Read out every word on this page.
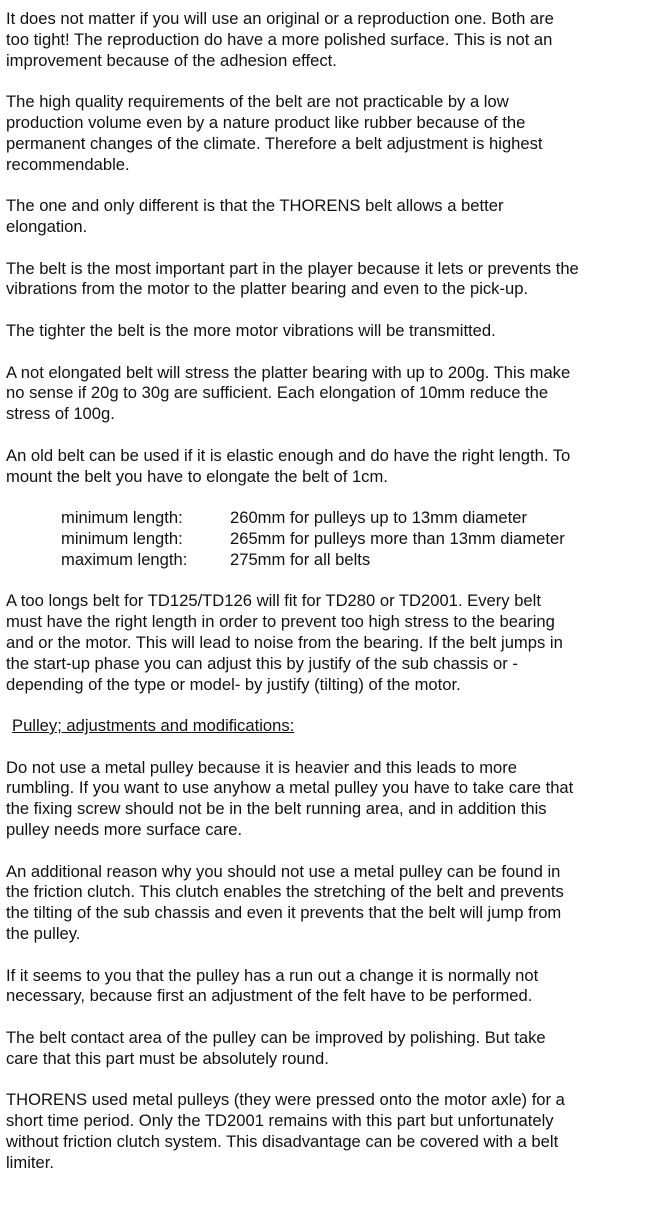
It does not matter if you will use an original or a reproduction one. Both are
too tight! The reproduction do have a more polished surface. This is not an
improvement because of the adhesion effect.

The high quality requirements of the belt are not practicable by a low
production volume even by a nature product like rubber because of the
permanent changes of the climate. Therefore a belt adjustment is highest
recommendable.

The one and only different is that the THORENS belt allows a better
elongation.

The belt is the most important part in the player because it lets or prevents the
vibrations from the motor to the platter bearing and even to the pick-up.

The tighter the belt is the more motor vibrations will be transmitted.

A not elongated belt will stress the platter bearing with up to 200g. This make
no sense if 20g to 30g are sufficient. Each elongation of 10mm reduce the
stress of 100g.

An old belt can be used if it is elastic enough and do have the right length. To
mount the belt you have to elongate the belt of 1cm.

minimum length:	260mm for pulleys up to 13mm diameter
minimum length:	265mm for pulleys more than 13mm diameter
maximum length:	275mm for all belts

A too longs belt for TD125/TD126 will fit for TD280 or TD2001. Every belt
must have the right length in order to prevent too high stress to the bearing
and or the motor. This will lead to noise from the bearing. If the belt jumps in
the start-up phase you can adjust this by justify of the sub chassis or -
depending of the type or model- by justify (tilting) of the motor.

Pulley; adjustments and modifications:

Do not use a metal pulley because it is heavier and this leads to more
rumbling. If you want to use anyhow a metal pulley you have to take care that
the fixing screw should not be in the belt running area, and in addition this
pulley needs more surface care.

An additional reason why you should not use a metal pulley can be found in
the friction clutch. This clutch enables the stretching of the belt and prevents
the tilting of the sub chassis and even it prevents that the belt will jump from
the pulley.

If it seems to you that the pulley has a run out a change it is normally not
necessary, because first an adjustment of the felt have to be performed.

The belt contact area of the pulley can be improved by polishing. But take
care that this part must be absolutely round.

THORENS used metal pulleys (they were pressed onto the motor axle) for a
short time period. Only the TD2001 remains with this part but unfortunately
without friction clutch system. This disadvantage can be covered with a belt
limiter.
